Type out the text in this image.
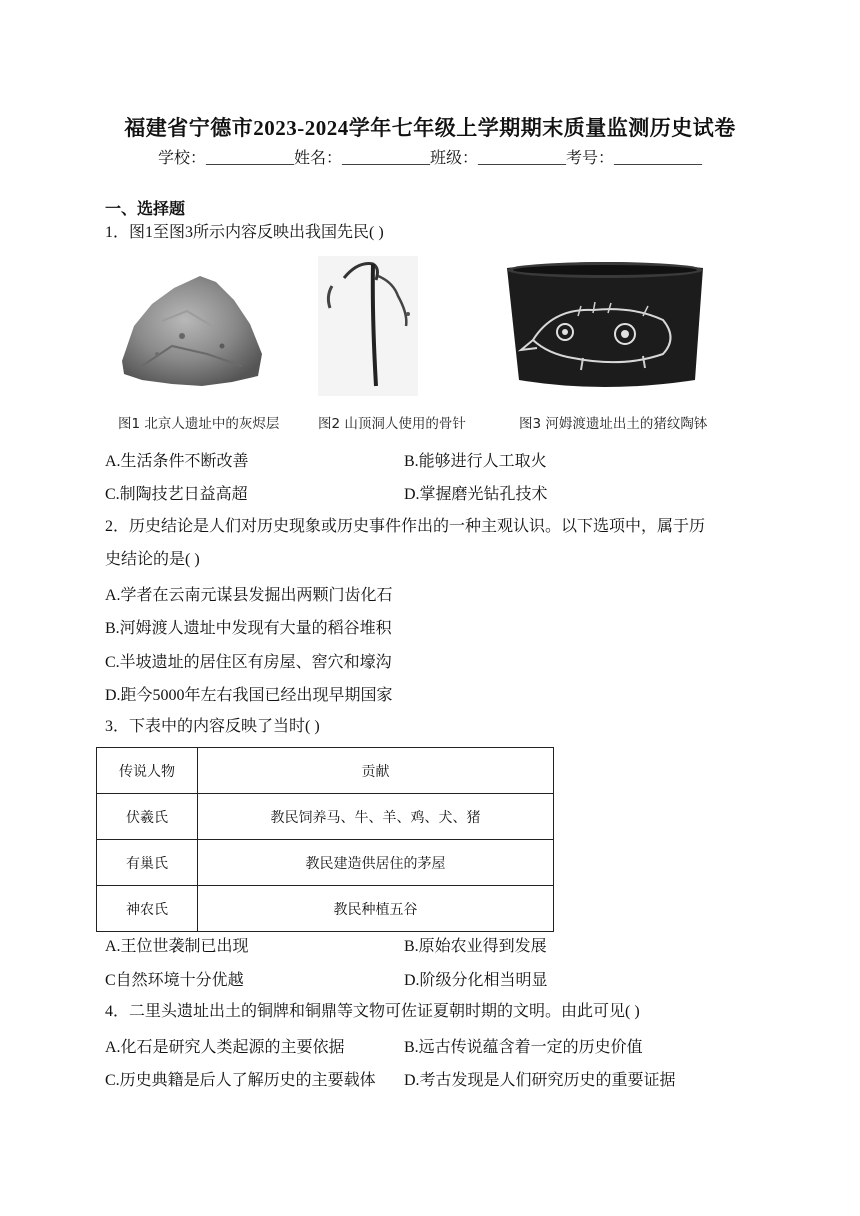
福建省宁德市2023-2024学年七年级上学期期末质量监测历史试卷
学校：___________姓名：___________班级：___________考号：___________
一、选择题
1．图1至图3所示内容反映出我国先民( )
图1 北京人遗址中的灰烬层	图2 山顶洞人使用的骨针	图3 河姆渡遗址出土的猪纹陶钵
A.生活条件不断改善	B.能够进行人工取火
C.制陶技艺日益高超	D.掌握磨光钻孔技术
2．历史结论是人们对历史现象或历史事件作出的一种主观认识。以下选项中，属于历
史结论的是( )
A.学者在云南元谋县发掘出两颗门齿化石
B.河姆渡人遗址中发现有大量的稻谷堆积
C.半坡遗址的居住区有房屋、窖穴和壕沟
D.距今5000年左右我国已经出现早期国家
3．下表中的内容反映了当时( )
传说人物	贡献
伏羲氏	教民饲养马、牛、羊、鸡、犬、猪
有巢氏	教民建造供居住的茅屋
神农氏	教民种植五谷
A.王位世袭制已出现	B.原始农业得到发展
C自然环境十分优越	D.阶级分化相当明显
4．二里头遗址出土的铜牌和铜鼎等文物可佐证夏朝时期的文明。由此可见( )
A.化石是研究人类起源的主要依据	B.远古传说蕴含着一定的历史价值
C.历史典籍是后人了解历史的主要载体 D.考古发现是人们研究历史的重要证据
